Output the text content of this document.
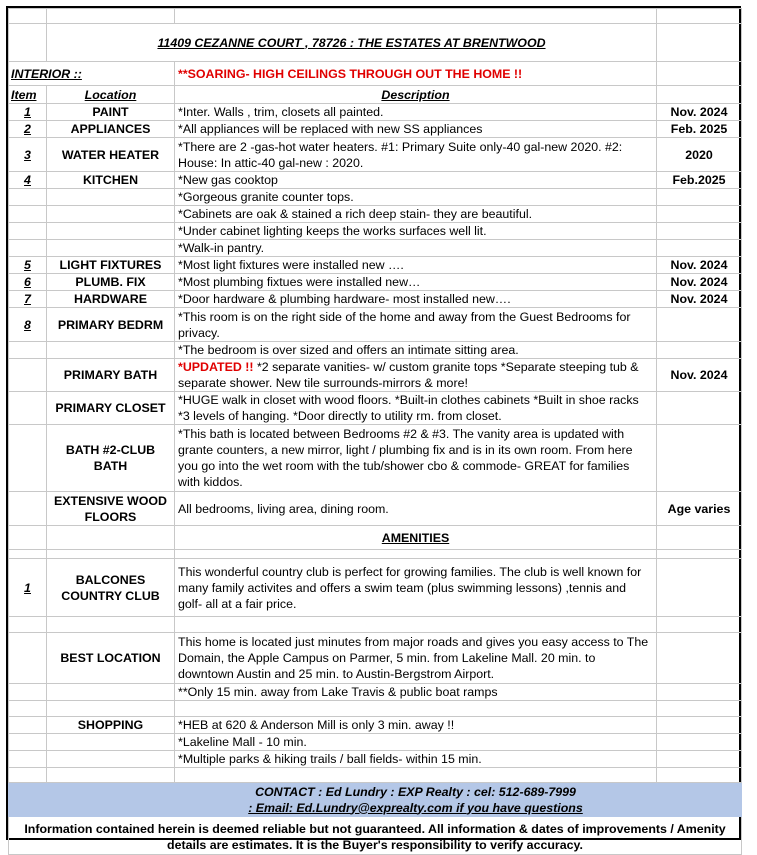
	11409 CEZANNE COURT , 78726 : THE ESTATES AT BRENTWOOD		
INTERIOR ::		**SOARING- HIGH CEILINGS THROUGH OUT THE HOME !!	
Item	Location	Description	
1	PAINT	*Inter. Walls , trim, closets all painted.	Nov. 2024
2	APPLIANCES	*All appliances will be replaced with new SS appliances	Feb. 2025
3	WATER HEATER	*There are 2 -gas-hot water heaters. #1: Primary Suite only-40 gal-new 2020. #2: House: In attic-40 gal-new : 2020.	2020
4	KITCHEN	*New gas cooktop	Feb.2025
		*Gorgeous granite counter tops.	
		*Cabinets are oak & stained a rich deep stain- they are beautiful.	
		*Under cabinet lighting keeps the works surfaces well lit.	
		*Walk-in pantry.	
5	LIGHT FIXTURES	*Most light fixtures were installed new ….	Nov. 2024
6	PLUMB. FIX	*Most plumbing fixtues were installed new…	Nov. 2024
7	HARDWARE	*Door hardware & plumbing hardware- most installed new….	Nov. 2024
8	PRIMARY BEDRM	*This room is on the right side of the home and away from the Guest Bedrooms for privacy.	
		*The bedroom is over sized and offers an intimate sitting area.	
	PRIMARY BATH	*UPDATED !! *2 separate vanities- w/ custom granite tops *Separate steeping tub & separate shower. New tile surrounds-mirrors & more!	Nov. 2024
	PRIMARY CLOSET	*HUGE walk in closet with wood floors. *Built-in clothes cabinets *Built in shoe racks *3 levels of hanging. *Door directly to utility rm. from closet.	
	BATH #2-CLUB BATH	*This bath is located between Bedrooms #2 & #3. The vanity area is updated with grante counters, a new mirror, light / plumbing fix and is in its own room. From here you go into the wet room with the tub/shower cbo & commode- GREAT for families with kiddos.	
	EXTENSIVE WOOD FLOORS	All bedrooms, living area, dining room.	Age varies
		AMENITIES	

1	BALCONES COUNTRY CLUB	This wonderful country club is perfect for growing families. The club is well known for many family activites and offers a swim team (plus swimming lessons) ,tennis and golf- all at a fair price.	

	BEST LOCATION	This home is located just minutes from major roads and gives you easy access to The Domain, the Apple Campus on Parmer, 5 min. from Lakeline Mall. 20 min. to downtown Austin and 25 min. to Austin-Bergstrom Airport.	
		**Only 15 min. away from Lake Travis & public boat ramps	

	SHOPPING	*HEB at 620 & Anderson Mill is only 3 min. away !!	
		*Lakeline Mall - 10 min.	
		*Multiple parks & hiking trails / ball fields- within 15 min.	

		CONTACT : Ed Lundry : EXP Realty : cel: 512-689-7999
: Email: Ed.Lundry@exprealty.com if you have questions	

Information contained herein is deemed reliable but not guaranteed. All information & dates of improvements / Amenity details are estimates. It is the Buyer's responsibility to verify accuracy.			
